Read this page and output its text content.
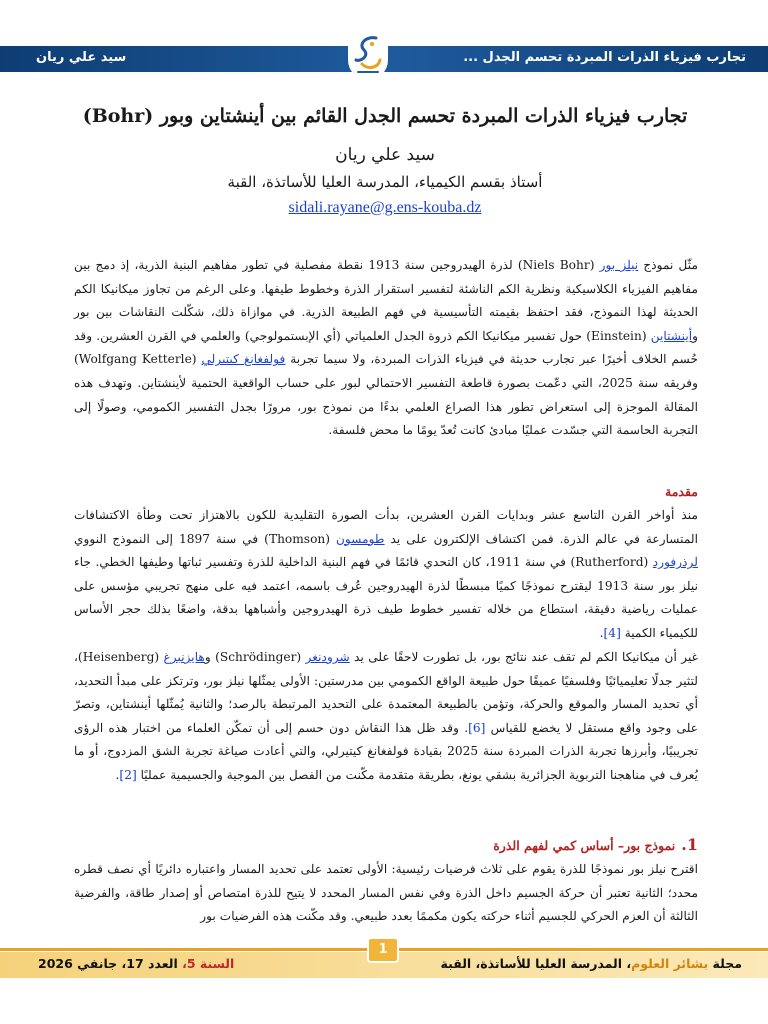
تجارب فيزياء الذرات المبردة تحسم الجدل ...
سيد علي ريان
تجارب فيزياء الذرات المبردة تحسم الجدل القائم بين أينشتاين وبور (Bohr)
سيد علي ريان
أستاذ بقسم الكيمياء، المدرسة العليا للأساتذة، القبة
sidali.rayane@g.ens-kouba.dz

مثّل نموذج نيلز بور (Niels Bohr) لذرة الهيدروجين سنة 1913 نقطة مفصلية في تطور مفاهيم البنية الذرية، إذ دمج بين مفاهيم الفيزياء الكلاسيكية ونظرية الكم الناشئة لتفسير استقرار الذرة وخطوط طيفها. وعلى الرغم من تجاوز ميكانيكا الكم الحديثة لهذا النموذج، فقد احتفظ بقيمته التأسيسية في فهم الطبيعة الذرية. في موازاة ذلك، شكّلت النقاشات بين بور وأينشتاين (Einstein) حول تفسير ميكانيكا الكم ذروة الجدل العلمياتي (أي الإبستمولوجي) والعلمي في القرن العشرين. وقد حُسم الخلاف أخيرًا عبر تجارب حديثة في فيزياء الذرات المبردة، ولا سيما تجربة فولفغانغ كيتيرلي (Wolfgang Ketterle) وفريقه سنة 2025، التي دعّمت بصورة قاطعة التفسير الاحتمالي لبور على حساب الواقعية الحتمية لأينشتاين. وتهدف هذه المقالة الموجزة إلى استعراض تطور هذا الصراع العلمي بدءًا من نموذج بور، مرورًا بجدل التفسير الكمومي، وصولًا إلى التجربة الحاسمة التي جسّدت عمليًا مبادئ كانت تُعدّ يومًا ما محض فلسفة.

مقدمة

منذ أواخر القرن التاسع عشر وبدايات القرن العشرين، بدأت الصورة التقليدية للكون بالاهتزاز تحت وطأة الاكتشافات المتسارعة في عالم الذرة. فمن اكتشاف الإلكترون على يد طومسون (Thomson) في سنة 1897 إلى النموذج النووي لرذرفورد (Rutherford) في سنة 1911، كان التحدي قائمًا في فهم البنية الداخلية للذرة وتفسير ثباتها وطيفها الخطي. جاء نيلز بور سنة 1913 ليقترح نموذجًا كميًا مبسطًا لذرة الهيدروجين عُرف باسمه، اعتمد فيه على منهج تجريبي مؤسس على عمليات رياضية دقيقة، استطاع من خلاله تفسير خطوط طيف ذرة الهيدروجين وأشباهها بدقة، واضعًا بذلك حجر الأساس للكيمياء الكمية [4].

غير أن ميكانيكا الكم لم تقف عند نتائج بور، بل تطورت لاحقًا على يد شرودنغر (Schrödinger) وهايزنبرغ (Heisenberg)، لتثير جدلًا تعليميائيًا وفلسفيًا عميقًا حول طبيعة الواقع الكمومي بين مدرستين: الأولى يمثّلها نيلز بور، وترتكز على مبدأ التحديد، أي تحديد المسار والموقع والحركة، وتؤمن بالطبيعة المعتمدة على التحديد المرتبطة بالرصد؛ والثانية يُمثّلها أينشتاين، وتصرّ على وجود واقع مستقل لا يخضع للقياس [6]. وقد ظل هذا النقاش دون حسم إلى أن تمكّن العلماء من اختبار هذه الرؤى تجريبيًا، وأبرزها تجربة الذرات المبردة سنة 2025 بقيادة فولفغانغ كيتيرلي، والتي أعادت صياغة تجربة الشق المزدوج، أو ما يُعرف في مناهجنا التربوية الجزائرية بشقي يونغ، بطريقة متقدمة مكّنت من الفصل بين الموجية والجسيمية عمليًا [2].

1.نموذج بور– أساس كمي لفهم الذرة

اقترح نيلز بور نموذجًا للذرة يقوم على ثلاث فرضيات رئيسية: الأولى تعتمد على تحديد المسار واعتباره دائريًا أي نصف قطره محدد؛ الثانية تعتبر أن حركة الجسيم داخل الذرة وفي نفس المسار المحدد لا يتيح للذرة امتصاص أو إصدار طاقة، والفرضية الثالثة أن العزم الحركي للجسيم أثناء حركته يكون مكممًا بعدد طبيعي. وقد مكّنت هذه الفرضيات بور

1
مجلة بشائر العلوم، المدرسة العليا للأساتذة، القبة
السنة 5، العدد 17، جانفي 2026
